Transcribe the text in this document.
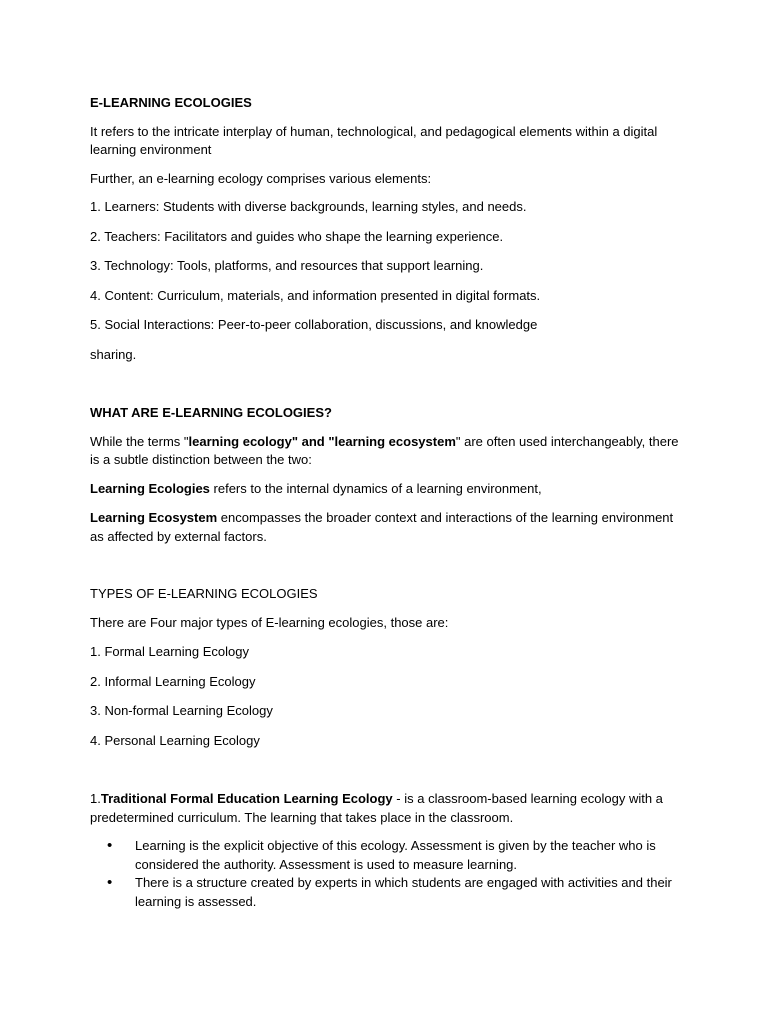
E-LEARNING ECOLOGIES

It refers to the intricate interplay of human, technological, and pedagogical elements within a digital learning environment

Further, an e-learning ecology comprises various elements:

1. Learners: Students with diverse backgrounds, learning styles, and needs.

2. Teachers: Facilitators and guides who shape the learning experience.

3. Technology: Tools, platforms, and resources that support learning.

4. Content: Curriculum, materials, and information presented in digital formats.

5. Social Interactions: Peer-to-peer collaboration, discussions, and knowledge

sharing.

WHAT ARE E-LEARNING ECOLOGIES?

While the terms "learning ecology" and "learning ecosystem" are often used interchangeably, there is a subtle distinction between the two:

Learning Ecologies refers to the internal dynamics of a learning environment,

Learning Ecosystem encompasses the broader context and interactions of the learning environment as affected by external factors.

TYPES OF E-LEARNING ECOLOGIES

There are Four major types of E-learning ecologies, those are:

1. Formal Learning Ecology

2. Informal Learning Ecology

3. Non-formal Learning Ecology

4. Personal Learning Ecology

1.Traditional Formal Education Learning Ecology - is a classroom-based learning ecology with a predetermined curriculum. The learning that takes place in the classroom.

• Learning is the explicit objective of this ecology. Assessment is given by the teacher who is considered the authority. Assessment is used to measure learning.
• There is a structure created by experts in which students are engaged with activities and their learning is assessed.
